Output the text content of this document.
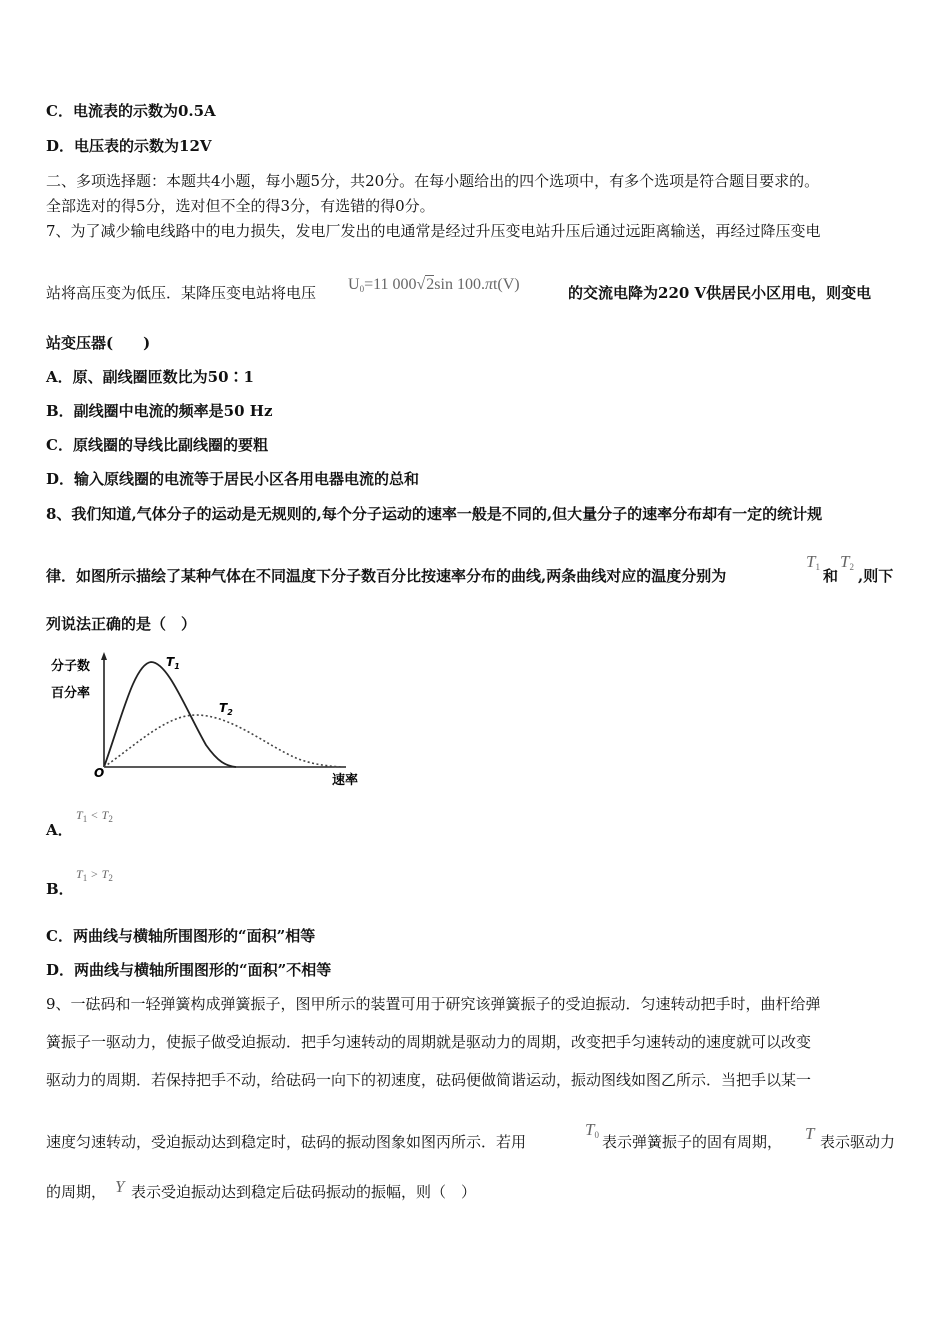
C．电流表的示数为0.5A
D．电压表的示数为12V
二、多项选择题：本题共4小题，每小题5分，共20分。在每小题给出的四个选项中，有多个选项是符合题目要求的。
全部选对的得5分，选对但不全的得3分，有选错的得0分。
7、为了减少输电线路中的电力损失，发电厂发出的电通常是经过升压变电站升压后通过远距离输送，再经过降压变电
站将高压变为低压．某降压变电站将电压 $U_0=11$ 000√2sin 100.πt(V)	的交流电降为220 V供居民小区用电，则变电
站变压器(　　)
A．原、副线圈匝数比为50∶1
B．副线圈中电流的频率是50 Hz
C．原线圈的导线比副线圈的要粗
D．输入原线圈的电流等于居民小区各用电器电流的总和
8、我们知道,气体分子的运动是无规则的,每个分子运动的速率一般是不同的,但大量分子的速率分布却有一定的统计规
律．如图所示描绘了某种气体在不同温度下分子数百分比按速率分布的曲线,两条曲线对应的温度分别为
$T_1$ 和
$T_2$ ,则下
列说法正确的是（　）
分子数
百分率
O	速率
$T_1$
$T_2$
A．
$T_1 < T_2$
B．
$T_1 > T_2$
C．两曲线与横轴所围图形的“面积”相等
D．两曲线与横轴所围图形的“面积”不相等
9、一砝码和一轻弹簧构成弹簧振子，图甲所示的装置可用于研究该弹簧振子的受迫振动．匀速转动把手时，曲杆给弹
簧振子一驱动力，使振子做受迫振动．把手匀速转动的周期就是驱动力的周期，改变把手匀速转动的速度就可以改变
驱动力的周期．若保持把手不动，给砝码一向下的初速度，砝码便做简谐运动，振动图线如图乙所示．当把手以某一
速度匀速转动，受迫振动达到稳定时，砝码的振动图象如图丙所示．若用
$T_0$ 表示弹簧振子的固有周期， T 表示驱动力
的周期， Y 表示受迫振动达到稳定后砝码振动的振幅，则（　）
